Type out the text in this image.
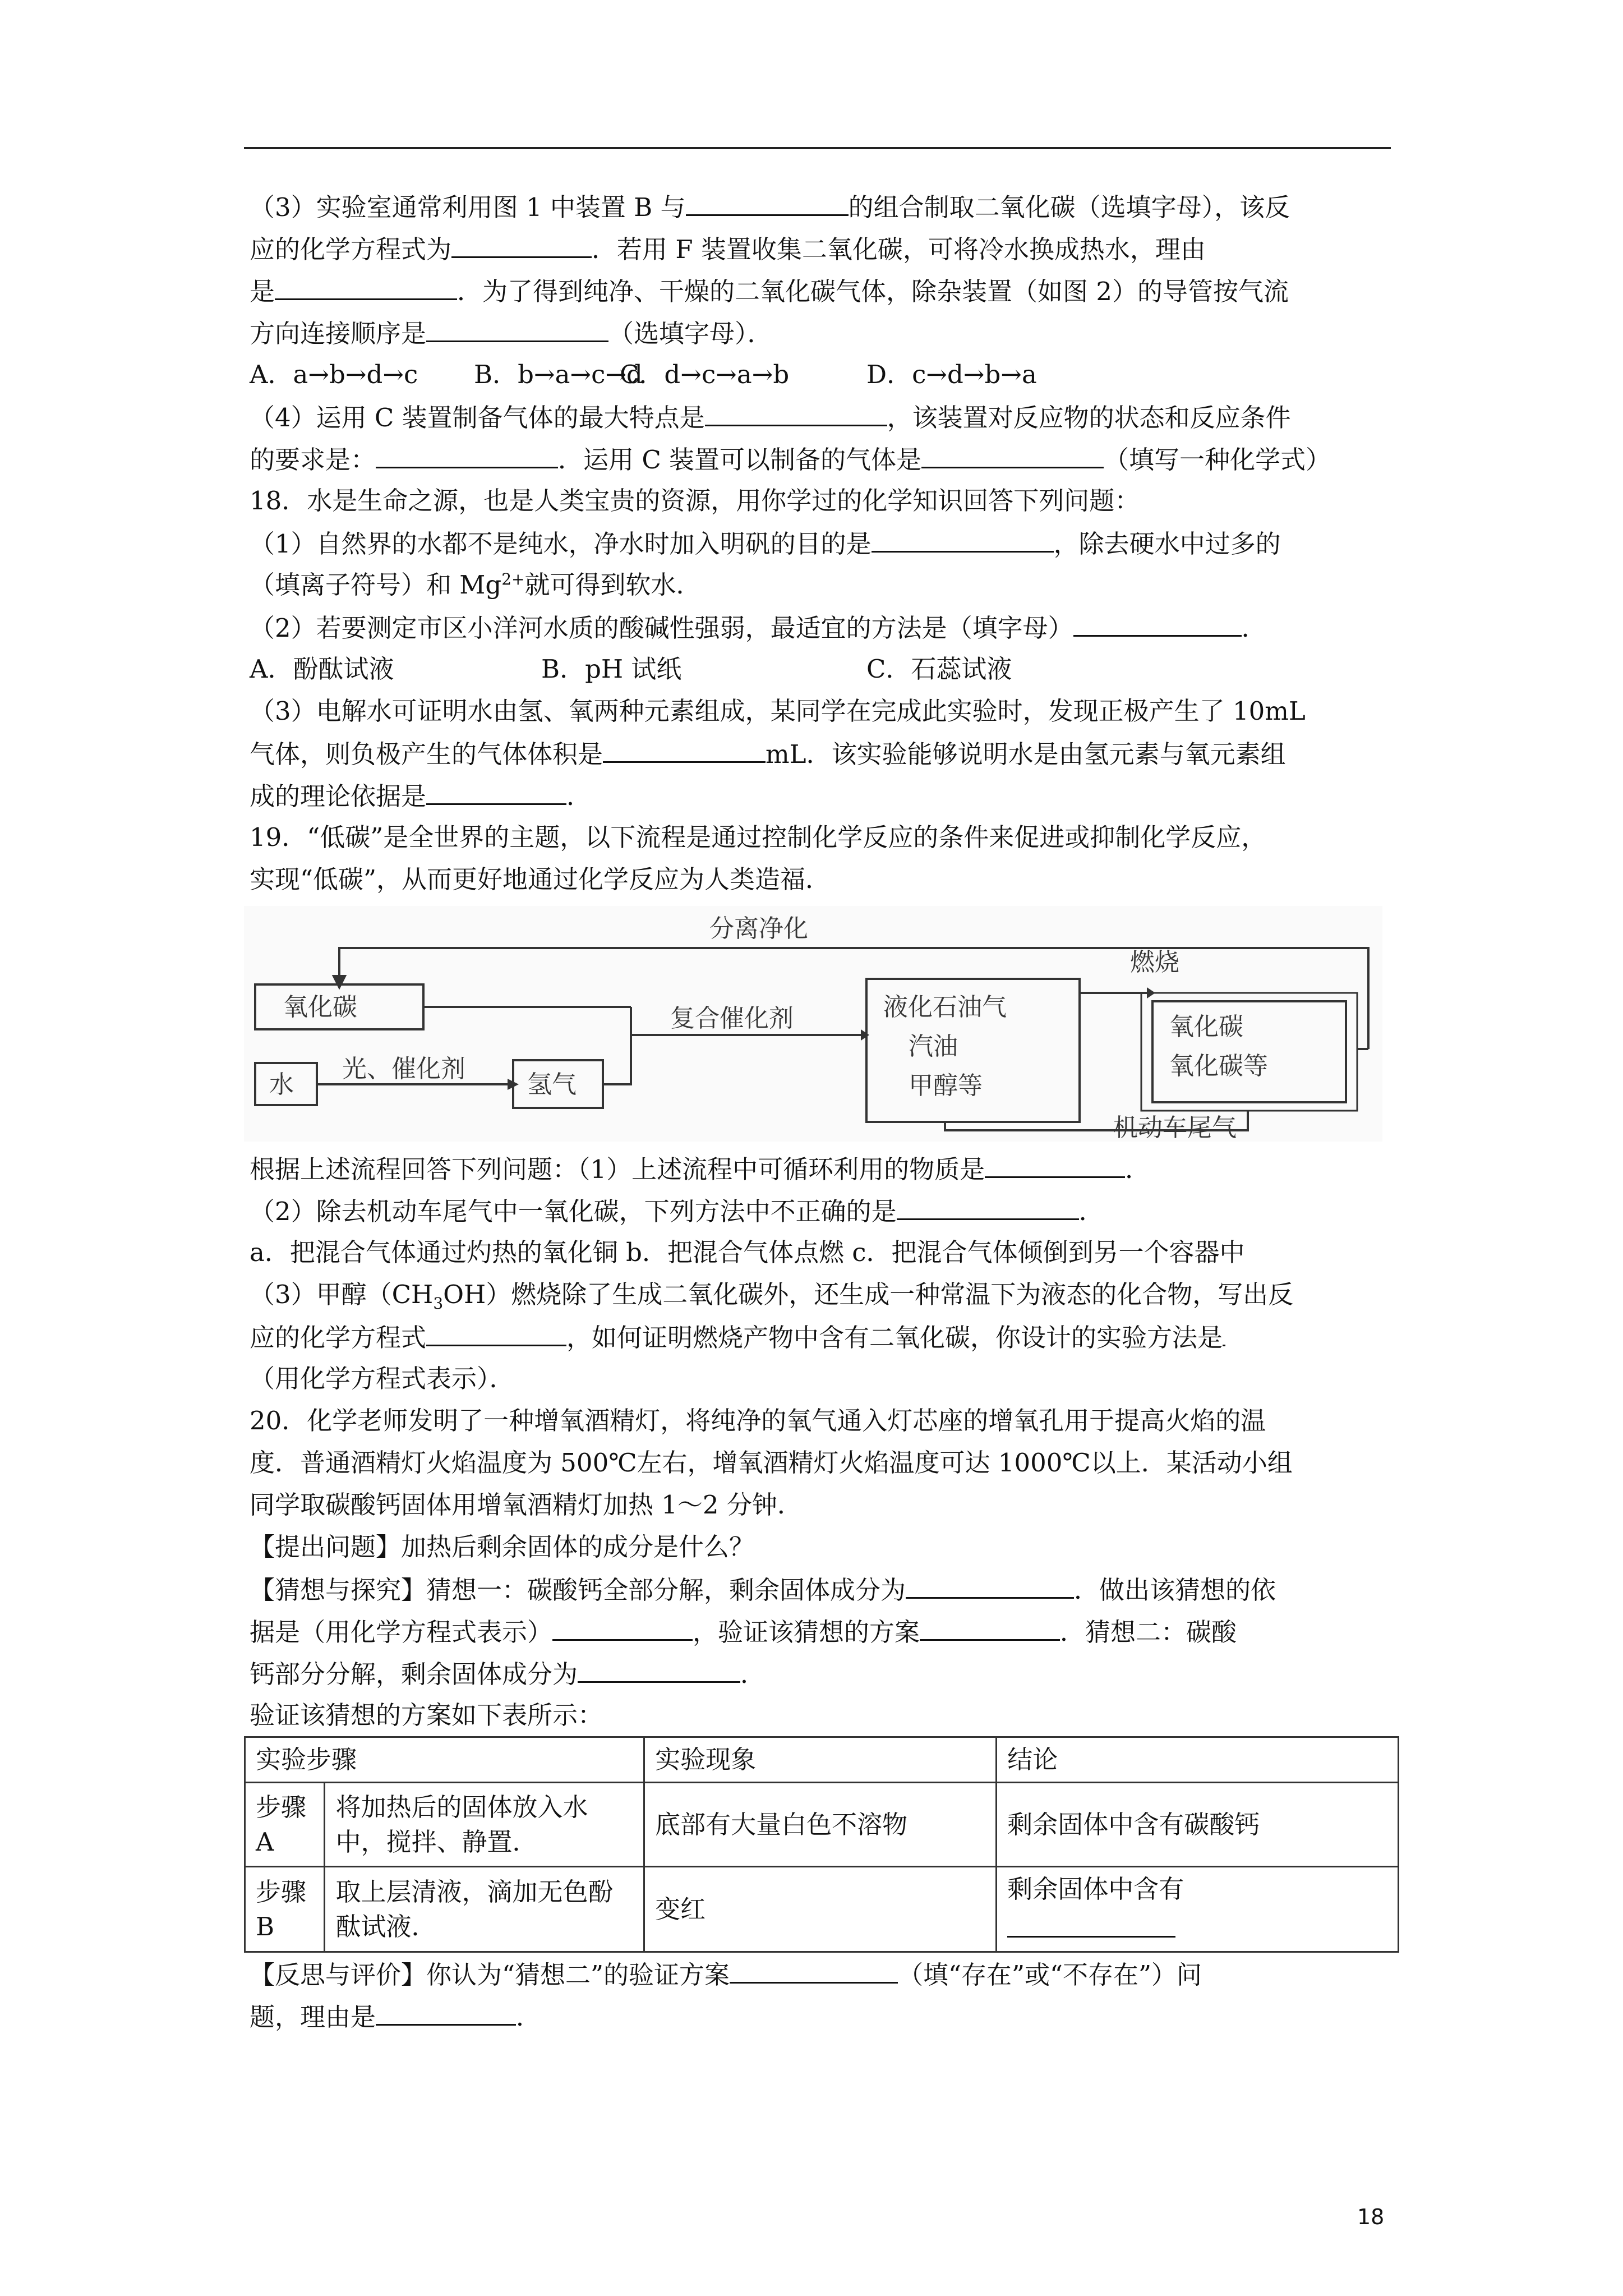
（3）实验室通常利用图 1 中装置 B 与	的组合制取二氧化碳（选填字母），该反
应的化学方程式为	．若用 F 装置收集二氧化碳，可将冷水换成热水，理由
是	．为了得到纯净、干燥的二氧化碳气体，除杂装置（如图 2）的导管按气流
方向连接顺序是	（选填字母）．
A．a→b→d→c B．b→a→c→dC．d→c→a→b	D．c→d→b→a
（4）运用 C 装置制备气体的最大特点是	，该装置对反应物的状态和反应条件
的要求是：	．运用 C 装置可以制备的气体是	（填写一种化学式）
18．水是生命之源，也是人类宝贵的资源，用你学过的化学知识回答下列问题：
（1）自然界的水都不是纯水，净水时加入明矾的目的是	，除去硬水中过多的
（填离子符号）和 $Mg^{2+}$就可得到软水．
（2）若要测定市区小洋河水质的酸碱性强弱，最适宜的方法是（填字母）	．
A．酚酞试液	B．pH 试纸	C．石蕊试液
（3）电解水可证明水由氢、氧两种元素组成，某同学在完成此实验时，发现正极产生了 10mL
气体，则负极产生的气体体积是	mL．该实验能够说明水是由氢元素与氧元素组
成的理论依据是	．
19．“低碳”是全世界的主题，以下流程是通过控制化学反应的条件来促进或抑制化学反应，
实现“低碳”，从而更好地通过化学反应为人类造福．
分离净化
氧化碳
水
光、催化剂
氢气
复合催化剂	液化石油气
汽油
甲醇等
燃烧
氧化碳
氧化碳等
机动车尾气
根据上述流程回答下列问题：（1）上述流程中可循环利用的物质是	．
（2）除去机动车尾气中一氧化碳，下列方法中不正确的是	．
a．把混合气体通过灼热的氧化铜 b．把混合气体点燃 c．把混合气体倾倒到另一个容器中
（3）甲醇$(CH_3OH)$燃烧除了生成二氧化碳外，还生成一种常温下为液态的化合物，写出反
应的化学方程式	，如何证明燃烧产物中含有二氧化碳，你设计的实验方法是
（用化学方程式表示）．
20．化学老师发明了一种增氧酒精灯，将纯净的氧气通入灯芯座的增氧孔用于提高火焰的温
度．普通酒精灯火焰温度为 500℃左右，增氧酒精灯火焰温度可达 1000℃以上．某活动小组
同学取碳酸钙固体用增氧酒精灯加热 1～2 分钟．
【提出问题】加热后剩余固体的成分是什么？
【猜想与探究】猜想一：碳酸钙全部分解，剩余固体成分为	．做出该猜想的依
据是（用化学方程式表示）	，验证该猜想的方案	．猜想二：碳酸
钙部分分解，剩余固体成分为	．
验证该猜想的方案如下表所示：
实验步骤		实验现象	结论
步骤A	将加热后的固体放入水中，搅拌、静置．	底部有大量白色不溶物	剩余固体中含有碳酸钙
步骤B	取上层清液，滴加无色酚酞试液．	变红	剩余固体中含有
【反思与评价】你认为“猜想二”的验证方案	（填“存在”或“不存在”）问
题，理由是	．
18
